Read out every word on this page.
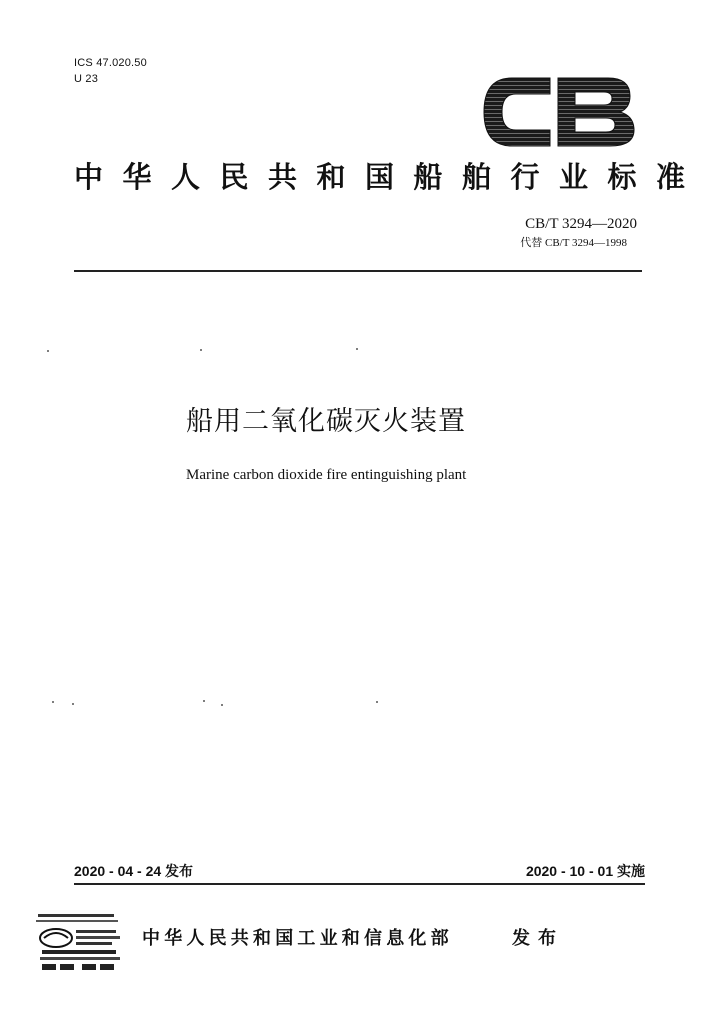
ICS 47.020.50
U 23
中华人民共和国船舶行业标准
CB/T 3294—2020
代替 CB/T 3294—1998
船用二氧化碳灭火装置
Marine carbon dioxide fire entinguishing plant
2020 - 04 - 24 发布	2020 - 10 - 01 实施
中华人民共和国工业和信息化部	发布
